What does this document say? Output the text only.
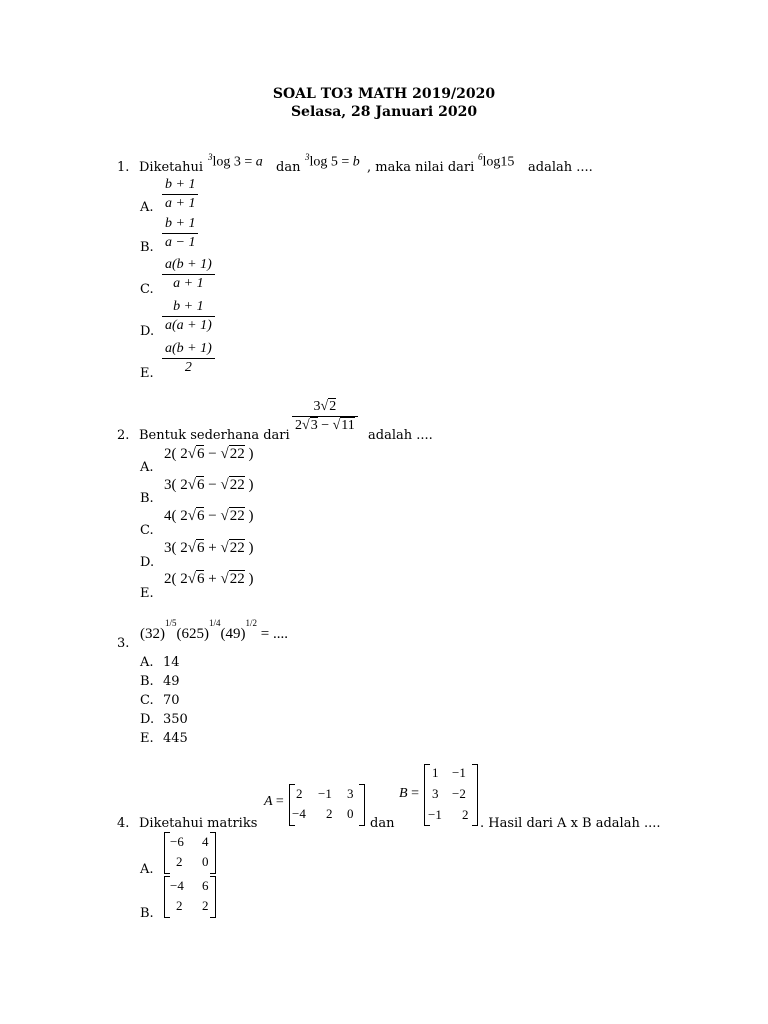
SOAL TO3 MATH 2019/2020
Selasa, 28 Januari 2020
1. Diketahui
$^3$log 3 = a dan
$^3$log 5 = b , maka nilai dari
$^6$log15 adalah ....
A. $\frac{b + 1}{a + 1}$
B. $\frac{b + 1}{a - 1}$
C. $\frac{a(b + 1)}{a + 1}$
D. $\frac{b + 1}{a(a + 1)}$
E. $\frac{a(b + 1)}{2}$
2. Bentuk sederhana dari
$\frac{3√2}{2√3 - √11}$
adalah ....
A.
2( 2√6 − √22 )
B.
3( 2√6 − √22 )
C.
4( 2√6 − √22 )
D.
3( 2√6 + √22 )
E.
2( 2√6 + √22 )
3.
$(32)^{1/5}(625)^{1/4}(49)^{1/2}$ = ....
A. 14
B. 49
C. 70
D. 350
E. 445
4. Diketahui matriks
A =
2 −1 3
−4 2 0
dan
B =
1 −1
3 −2
−1 2
. Hasil dari A x B adalah ....
A.
−6 4
2 0
B.
−4 6
2 2
